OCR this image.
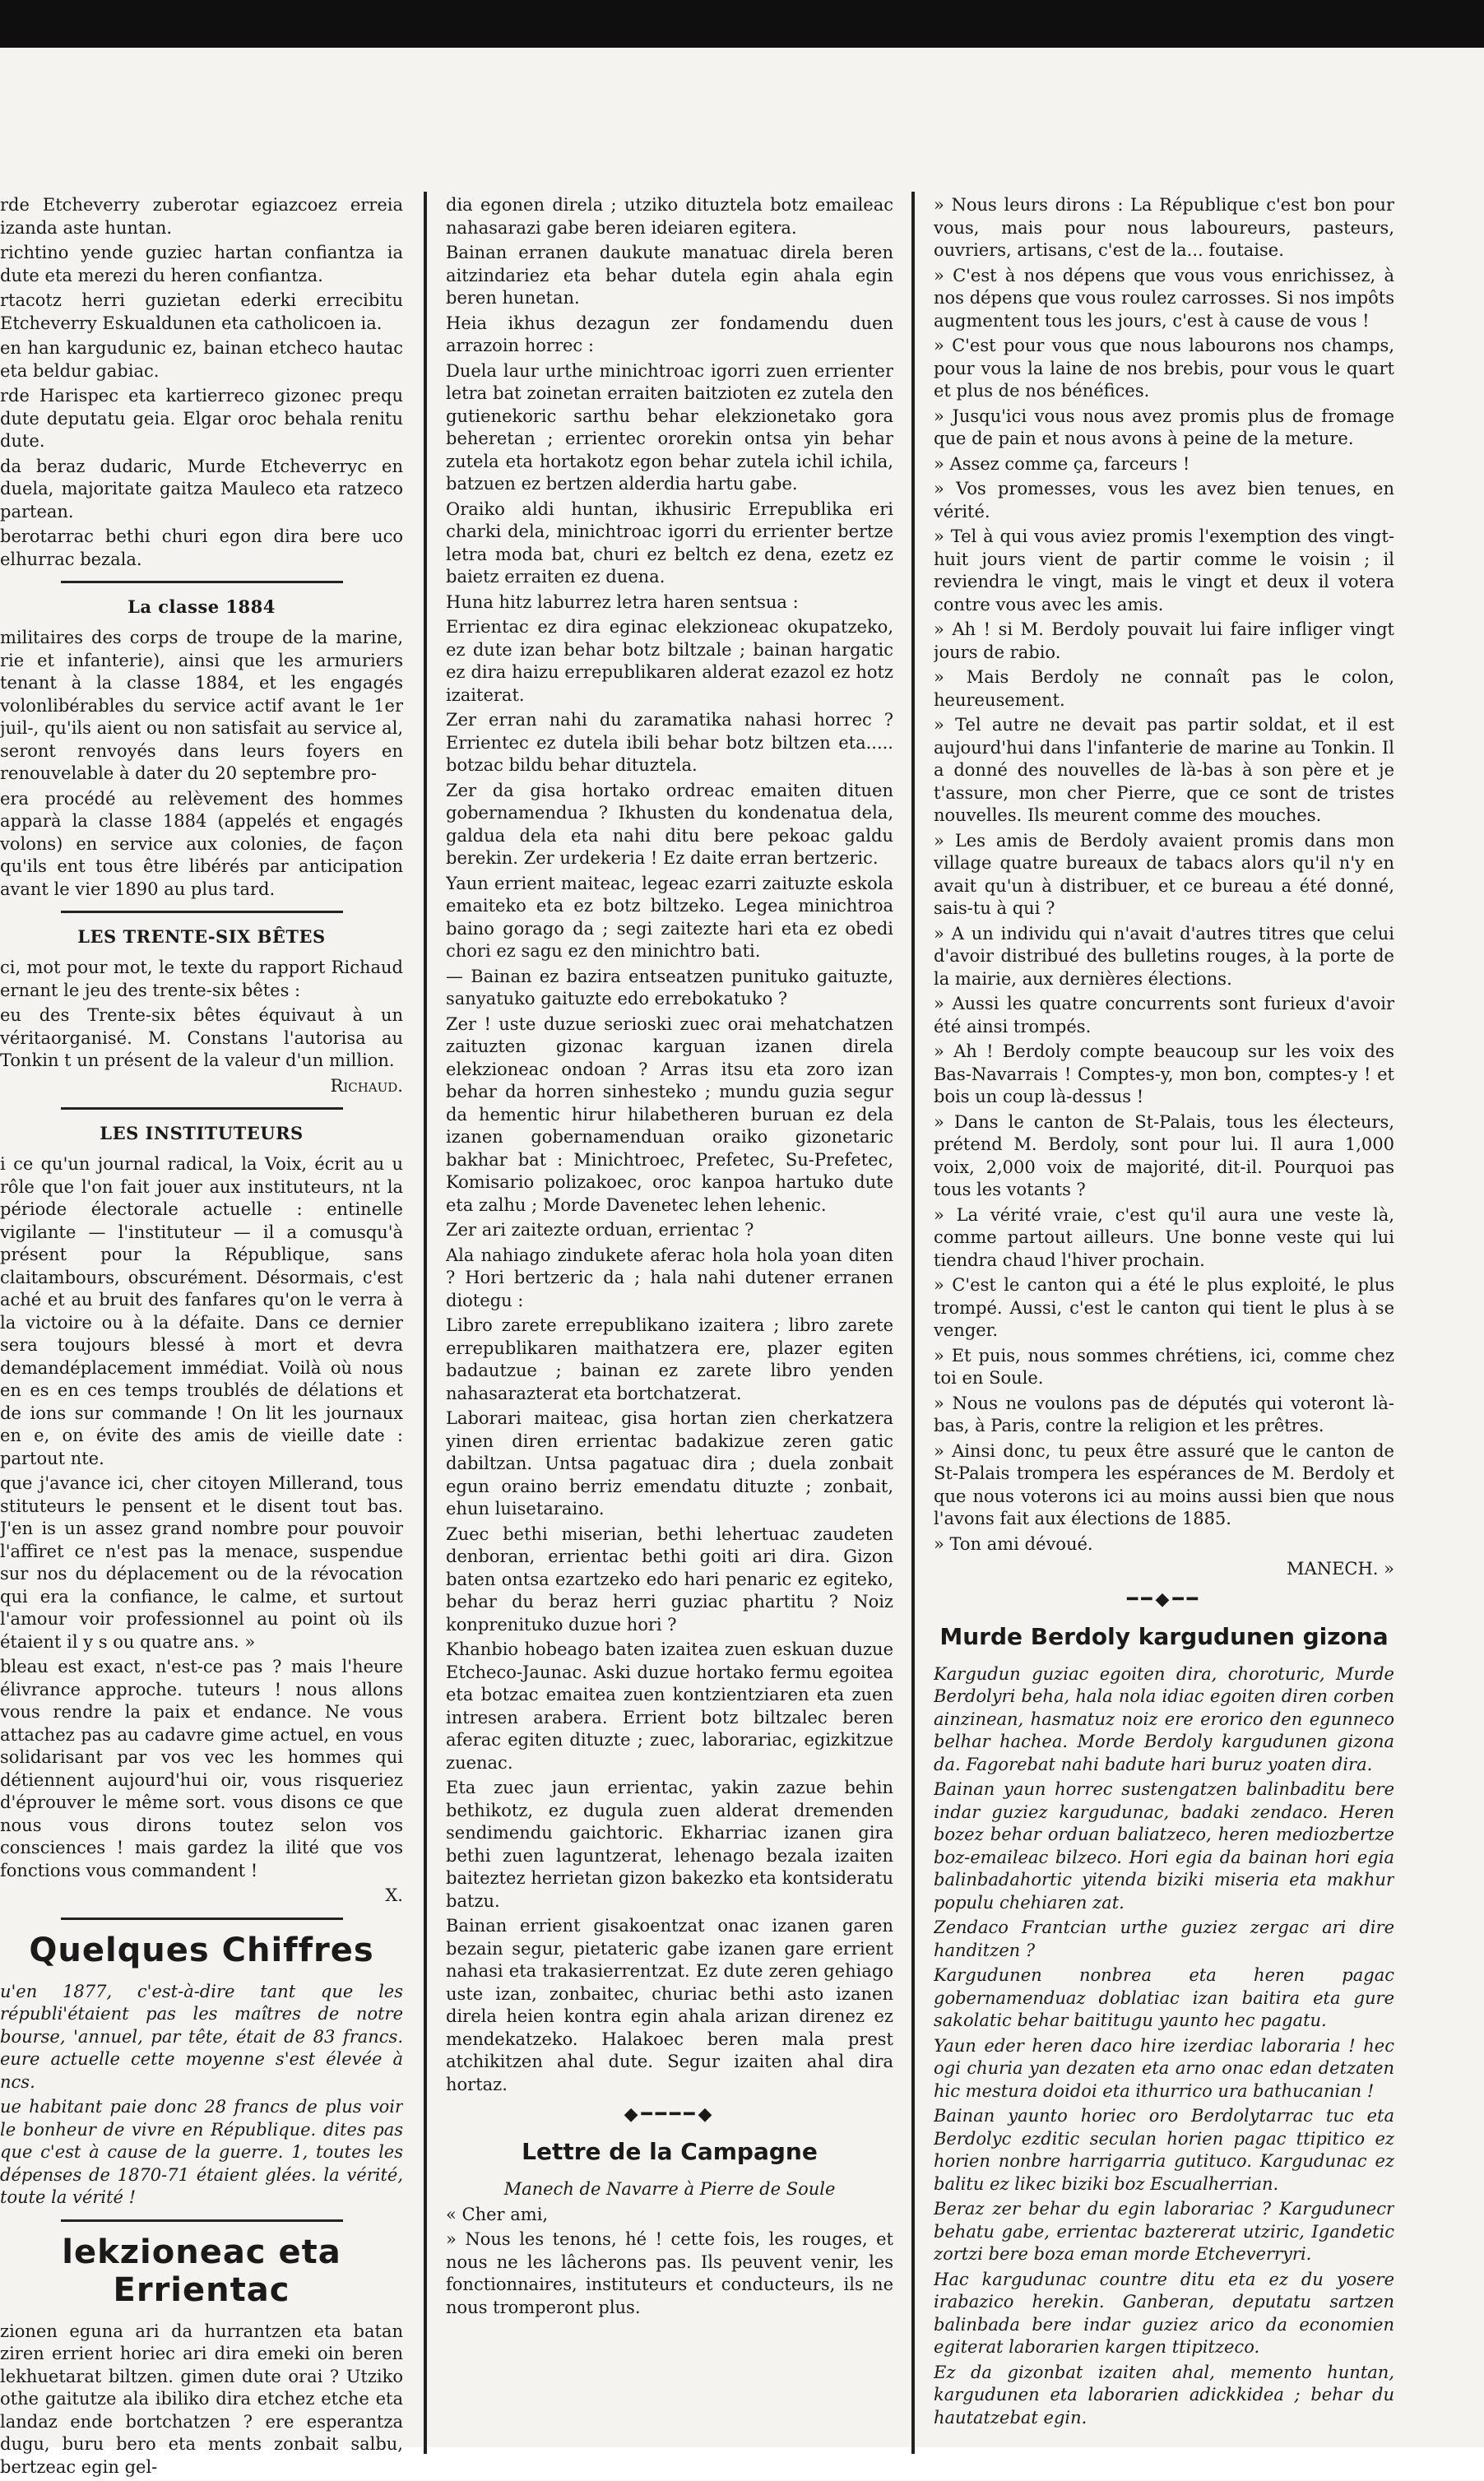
rde Etcheverry zuberotar egiazcoez erreia izanda aste huntan.

richtino yende guziec hartan confiantza ia dute eta merezi du heren confiantza.

rtacotz herri guzietan ederki errecibitu Etcheverry Eskualdunen eta catholicoen ia.

en han kargudunic ez, bainan etcheco hautac eta beldur gabiac.

rde Harispec eta kartierreco gizonec prequ dute deputatu geia. Elgar oroc behala renitu dute.

da beraz dudaric, Murde Etcheverryc en duela, majoritate gaitza Mauleco eta ratzeco partean.

berotarrac bethi churi egon dira bere uco elhurrac bezala.

La classe 1884

militaires des corps de troupe de la marine, rie et infanterie), ainsi que les armuriers tenant à la classe 1884, et les engagés volonlibérables du service actif avant le 1er juil-, qu'ils aient ou non satisfait au service al, seront renvoyés dans leurs foyers en renouvelable à dater du 20 septembre pro-

era procédé au relèvement des hommes apparà la classe 1884 (appelés et engagés volons) en service aux colonies, de façon qu'ils ent tous être libérés par anticipation avant le vier 1890 au plus tard.

LES TRENTE-SIX BÊTES

ci, mot pour mot, le texte du rapport Richaud ernant le jeu des trente-six bêtes :

eu des Trente-six bêtes équivaut à un véritaorganisé. M. Constans l'autorisa au Tonkin t un présent de la valeur d'un million.

Richaud.

LES INSTITUTEURS

i ce qu'un journal radical, la Voix, écrit au u rôle que l'on fait jouer aux instituteurs, nt la période électorale actuelle : entinelle vigilante — l'instituteur — il a comusqu'à présent pour la République, sans claitambours, obscurément. Désormais, c'est aché et au bruit des fanfares qu'on le verra à la victoire ou à la défaite. Dans ce dernier sera toujours blessé à mort et devra demandéplacement immédiat. Voilà où nous en es en ces temps troublés de délations et de ions sur commande ! On lit les journaux en e, on évite des amis de vieille date : partout nte.

que j'avance ici, cher citoyen Millerand, tous stituteurs le pensent et le disent tout bas. J'en is un assez grand nombre pour pouvoir l'affiret ce n'est pas la menace, suspendue sur nos du déplacement ou de la révocation qui era la confiance, le calme, et surtout l'amour voir professionnel au point où ils étaient il y s ou quatre ans. »

bleau est exact, n'est-ce pas ? mais l'heure élivrance approche. tuteurs ! nous allons vous rendre la paix et endance. Ne vous attachez pas au cadavre gime actuel, en vous solidarisant par vos vec les hommes qui détiennent aujourd'hui oir, vous risqueriez d'éprouver le même sort. vous disons ce que nous vous dirons toutez selon vos consciences ! mais gardez la ilité que vos fonctions vous commandent !

X.

Quelques Chiffres

u'en 1877, c'est-à-dire tant que les républi'étaient pas les maîtres de notre bourse, 'annuel, par tête, était de 83 francs. eure actuelle cette moyenne s'est élevée à ncs.

ue habitant paie donc 28 francs de plus voir le bonheur de vivre en République. dites pas que c'est à cause de la guerre. 1, toutes les dépenses de 1870-71 étaient glées. la vérité, toute la vérité !

lekzioneac eta Errientac

zionen eguna ari da hurrantzen eta batan ziren errient horiec ari dira emeki oin beren lekhuetarat biltzen. gimen dute orai ? Utziko othe gaitutze ala ibiliko dira etchez etche eta landaz ende bortchatzen ? ere esperantza dugu, buru bero eta ments zonbait salbu, bertzeac egin gel-

dia egonen direla ; utziko dituztela botz emaileac nahasarazi gabe beren ideiaren egitera.

Bainan erranen daukute manatuac direla beren aitzindariez eta behar dutela egin ahala egin beren hunetan.

Heia ikhus dezagun zer fondamendu duen arrazoin horrec :

Duela laur urthe minichtroac igorri zuen errienter letra bat zoinetan erraiten baitzioten ez zutela den gutienekoric sarthu behar elekzionetako gora beheretan ; errientec ororekin ontsa yin behar zutela eta hortakotz egon behar zutela ichil ichila, batzuen ez bertzen alderdia hartu gabe.

Oraiko aldi huntan, ikhusiric Errepublika eri charki dela, minichtroac igorri du errienter bertze letra moda bat, churi ez beltch ez dena, ezetz ez baietz erraiten ez duena.

Huna hitz laburrez letra haren sentsua :

Errientac ez dira eginac elekzioneac okupatzeko, ez dute izan behar botz biltzale ; bainan hargatic ez dira haizu errepublikaren alderat ezazol ez hotz izaiterat.

Zer erran nahi du zaramatika nahasi horrec ? Errientec ez dutela ibili behar botz biltzen eta..... botzac bildu behar dituztela.

Zer da gisa hortako ordreac emaiten dituen gobernamendua ? Ikhusten du kondenatua dela, galdua dela eta nahi ditu bere pekoac galdu berekin. Zer urdekeria ! Ez daite erran bertzeric.

Yaun errient maiteac, legeac ezarri zaituzte eskola emaiteko eta ez botz biltzeko. Legea minichtroa baino gorago da ; segi zaitezte hari eta ez obedi chori ez sagu ez den minichtro bati.

— Bainan ez bazira entseatzen punituko gaituzte, sanyatuko gaituzte edo errebokatuko ?

Zer ! uste duzue serioski zuec orai mehatchatzen zaituzten gizonac karguan izanen direla elekzioneac ondoan ? Arras itsu eta zoro izan behar da horren sinhesteko ; mundu guzia segur da hementic hirur hilabetheren buruan ez dela izanen gobernamenduan oraiko gizonetaric bakhar bat : Minichtroec, Prefetec, Su-Prefetec, Komisario polizakoec, oroc kanpoa hartuko dute eta zalhu ; Morde Davenetec lehen lehenic.

Zer ari zaitezte orduan, errientac ?

Ala nahiago zindukete aferac hola hola yoan diten ? Hori bertzeric da ; hala nahi dutener erranen diotegu :

Libro zarete errepublikano izaitera ; libro zarete errepublikaren maithatzera ere, plazer egiten badautzue ; bainan ez zarete libro yenden nahasarazterat eta bortchatzerat.

Laborari maiteac, gisa hortan zien cherkatzera yinen diren errientac badakizue zeren gatic dabiltzan. Untsa pagatuac dira ; duela zonbait egun oraino berriz emendatu dituzte ; zonbait, ehun luisetaraino.

Zuec bethi miserian, bethi lehertuac zaudeten denboran, errientac bethi goiti ari dira. Gizon baten ontsa ezartzeko edo hari penaric ez egiteko, behar du beraz herri guziac phartitu ? Noiz konprenituko duzue hori ?

Khanbio hobeago baten izaitea zuen eskuan duzue Etcheco-Jaunac. Aski duzue hortako fermu egoitea eta botzac emaitea zuen kontzientziaren eta zuen intresen arabera. Errient botz biltzalec beren aferac egiten dituzte ; zuec, laborariac, egizkitzue zuenac.

Eta zuec jaun errientac, yakin zazue behin bethikotz, ez dugula zuen alderat dremenden sendimendu gaichtoric. Ekharriac izanen gira bethi zuen laguntzerat, lehenago bezala izaiten baiteztez herrietan gizon bakezko eta kontsideratu batzu.

Bainan errient gisakoentzat onac izanen garen bezain segur, pietateric gabe izanen gare errient nahasi eta trakasierrentzat. Ez dute zeren gehiago uste izan, zonbaitec, churiac bethi asto izanen direla heien kontra egin ahala arizan direnez ez mendekatzeko. Halakoec beren mala prest atchikitzen ahal dute. Segur izaiten ahal dira hortaz.

◆━━━━◆
Lettre de la Campagne

Manech de Navarre à Pierre de Soule

« Cher ami,

» Nous les tenons, hé ! cette fois, les rouges, et nous ne les lâcherons pas. Ils peuvent venir, les fonctionnaires, instituteurs et conducteurs, ils ne nous tromperont plus.

» Nous leurs dirons : La République c'est bon pour vous, mais pour nous laboureurs, pasteurs, ouvriers, artisans, c'est de la... foutaise.

» C'est à nos dépens que vous vous enrichissez, à nos dépens que vous roulez carrosses. Si nos impôts augmentent tous les jours, c'est à cause de vous !

» C'est pour vous que nous labourons nos champs, pour vous la laine de nos brebis, pour vous le quart et plus de nos bénéfices.

» Jusqu'ici vous nous avez promis plus de fromage que de pain et nous avons à peine de la meture.

» Assez comme ça, farceurs !

» Vos promesses, vous les avez bien tenues, en vérité.

» Tel à qui vous aviez promis l'exemption des vingt-huit jours vient de partir comme le voisin ; il reviendra le vingt, mais le vingt et deux il votera contre vous avec les amis.

» Ah ! si M. Berdoly pouvait lui faire infliger vingt jours de rabio.

» Mais Berdoly ne connaît pas le colon, heureusement.

» Tel autre ne devait pas partir soldat, et il est aujourd'hui dans l'infanterie de marine au Tonkin. Il a donné des nouvelles de là-bas à son père et je t'assure, mon cher Pierre, que ce sont de tristes nouvelles. Ils meurent comme des mouches.

» Les amis de Berdoly avaient promis dans mon village quatre bureaux de tabacs alors qu'il n'y en avait qu'un à distribuer, et ce bureau a été donné, sais-tu à qui ?

» A un individu qui n'avait d'autres titres que celui d'avoir distribué des bulletins rouges, à la porte de la mairie, aux dernières élections.

» Aussi les quatre concurrents sont furieux d'avoir été ainsi trompés.

» Ah ! Berdoly compte beaucoup sur les voix des Bas-Navarrais ! Comptes-y, mon bon, comptes-y ! et bois un coup là-dessus !

» Dans le canton de St-Palais, tous les électeurs, prétend M. Berdoly, sont pour lui. Il aura 1,000 voix, 2,000 voix de majorité, dit-il. Pourquoi pas tous les votants ?

» La vérité vraie, c'est qu'il aura une veste là, comme partout ailleurs. Une bonne veste qui lui tiendra chaud l'hiver prochain.

» C'est le canton qui a été le plus exploité, le plus trompé. Aussi, c'est le canton qui tient le plus à se venger.

» Et puis, nous sommes chrétiens, ici, comme chez toi en Soule.

» Nous ne voulons pas de députés qui voteront là-bas, à Paris, contre la religion et les prêtres.

» Ainsi donc, tu peux être assuré que le canton de St-Palais trompera les espérances de M. Berdoly et que nous voterons ici au moins aussi bien que nous l'avons fait aux élections de 1885.

» Ton ami dévoué.

MANECH. »

━━◆━━
Murde Berdoly kargudunen gizona

Kargudun guziac egoiten dira, choroturic, Murde Berdolyri beha, hala nola idiac egoiten diren corben ainzinean, hasmatuz noiz ere erorico den egunneco belhar hachea. Morde Berdoly kargudunen gizona da. Fagorebat nahi badute hari buruz yoaten dira.

Bainan yaun horrec sustengatzen balinbaditu bere indar guziez kargudunac, badaki zendaco. Heren bozez behar orduan baliatzeco, heren mediozbertze boz-emaileac bilzeco. Hori egia da bainan hori egia balinbadahortic yitenda biziki miseria eta makhur populu chehiaren zat.

Zendaco Frantcian urthe guziez zergac ari dire handitzen ?

Kargudunen nonbrea eta heren pagac gobernamenduaz doblatiac izan baitira eta gure sakolatic behar baititugu yaunto hec pagatu.

Yaun eder heren daco hire izerdiac laboraria ! hec ogi churia yan dezaten eta arno onac edan detzaten hic mestura doidoi eta ithurrico ura bathucanian !

Bainan yaunto horiec oro Berdolytarrac tuc eta Berdolyc ezditic seculan horien pagac ttipitico ez horien nonbre harrigarria gutituco. Kargudunac ez balitu ez likec biziki boz Escualherrian.

Beraz zer behar du egin laborariac ? Kargudunecr behatu gabe, errientac baztererat utziric, Igandetic zortzi bere boza eman morde Etcheverryri.

Hac kargudunac countre ditu eta ez du yosere irabazico herekin. Ganberan, deputatu sartzen balinbada bere indar guziez arico da economien egiterat laborarien kargen ttipitzeco.

Ez da gizonbat izaiten ahal, memento huntan, kargudunen eta laborarien adickkidea ; behar du hautatzebat egin.
